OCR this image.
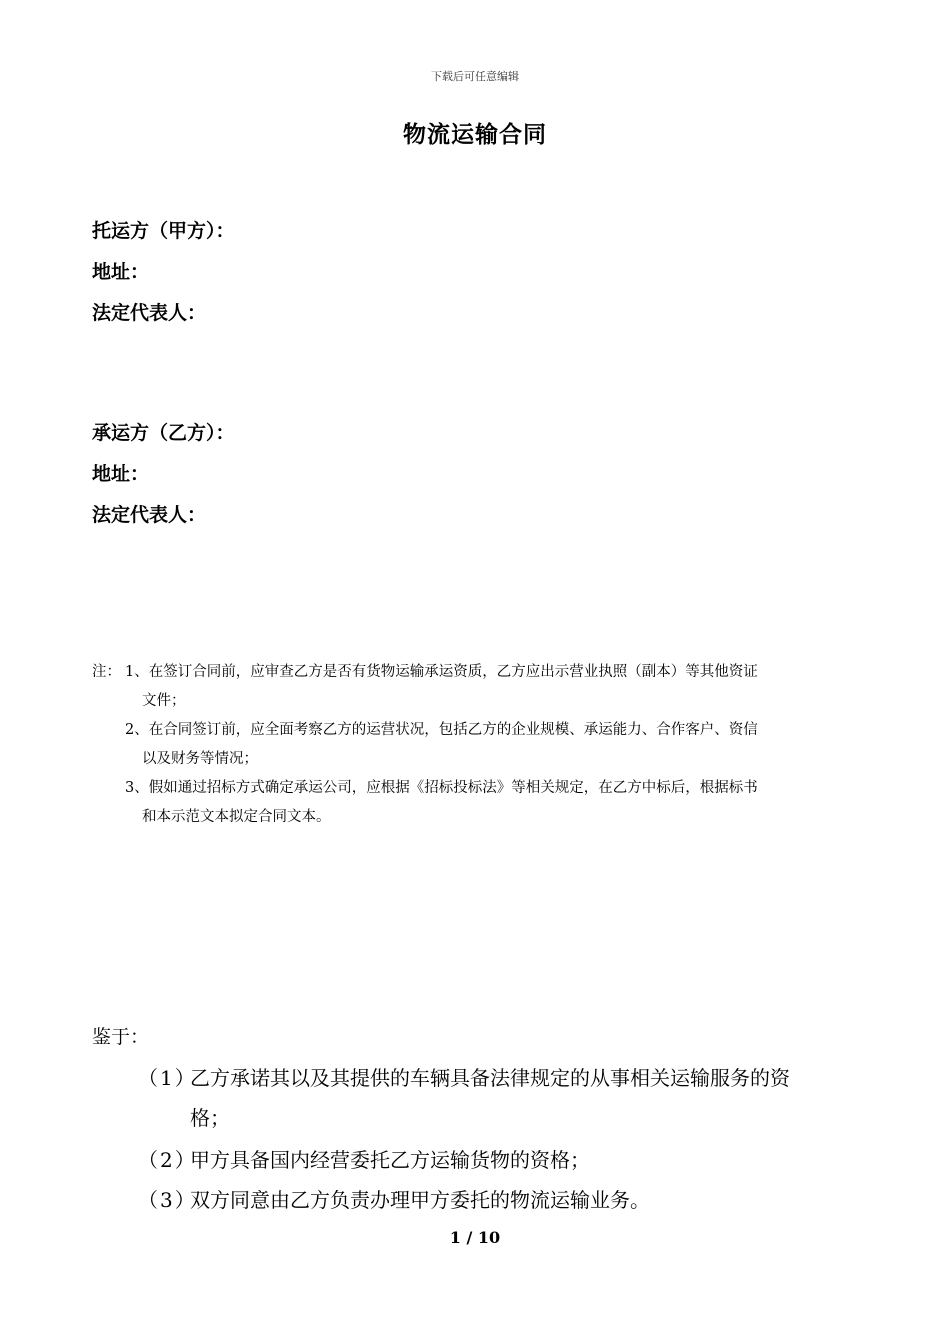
下载后可任意编辑
物流运输合同
托运方（甲方）：
地址：
法定代表人：
承运方（乙方）：
地址：
法定代表人：
注： 1、在签订合同前，应审查乙方是否有货物运输承运资质，乙方应出示营业执照（副本）等其他资证
文件；
2、在合同签订前，应全面考察乙方的运营状况，包括乙方的企业规模、承运能力、合作客户、资信
以及财务等情况；
3、假如通过招标方式确定承运公司，应根据《招标投标法》等相关规定，在乙方中标后，根据标书
和本示范文本拟定合同文本。
鉴于：
（1）乙方承诺其以及其提供的车辆具备法律规定的从事相关运输服务的资
格；
（2）甲方具备国内经营委托乙方运输货物的资格；
（3）双方同意由乙方负责办理甲方委托的物流运输业务。
1 / 10
